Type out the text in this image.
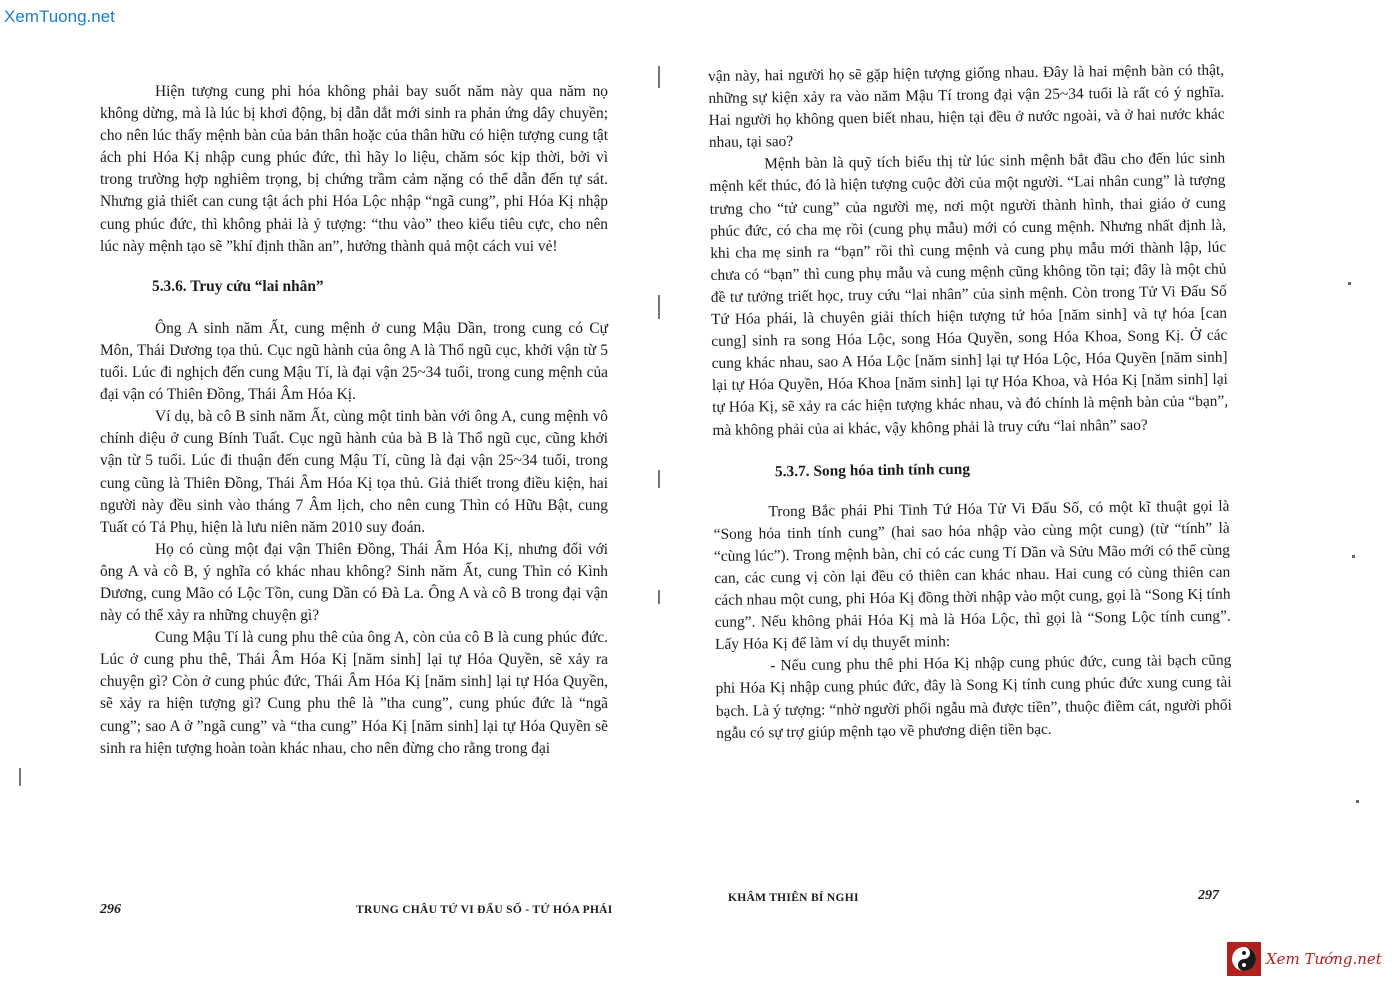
XemTuong.net

Hiện tượng cung phi hóa không phải bay suốt năm này qua năm nọ không dừng, mà là lúc bị khơi động, bị dẫn dắt mới sinh ra phản ứng dây chuyền; cho nên lúc thấy mệnh bàn của bản thân hoặc của thân hữu có hiện tượng cung tật ách phi Hóa Kị nhập cung phúc đức, thì hãy lo liệu, chăm sóc kịp thời, bởi vì trong trường hợp nghiêm trọng, bị chứng trầm cảm nặng có thể dẫn đến tự sát. Nhưng giả thiết can cung tật ách phi Hóa Lộc nhập “ngã cung”, phi Hóa Kị nhập cung phúc đức, thì không phải là ý tượng: “thu vào” theo kiểu tiêu cực, cho nên lúc này mệnh tạo sẽ ”khí định thần an”, hưởng thành quả một cách vui vẻ!

5.3.6. Truy cứu “lai nhân”

Ông A sinh năm Ất, cung mệnh ở cung Mậu Dần, trong cung có Cự Môn, Thái Dương tọa thủ. Cục ngũ hành của ông A là Thổ ngũ cục, khởi vận từ 5 tuổi. Lúc đi nghịch đến cung Mậu Tí, là đại vận 25~34 tuổi, trong cung mệnh của đại vận có Thiên Đồng, Thái Âm Hóa Kị.

Ví dụ, bà cô B sinh năm Ất, cùng một tinh bàn với ông A, cung mệnh vô chính diệu ở cung Bính Tuất. Cục ngũ hành của bà B là Thổ ngũ cục, cũng khởi vận từ 5 tuổi. Lúc đi thuận đến cung Mậu Tí, cũng là đại vận 25~34 tuổi, trong cung cũng là Thiên Đồng, Thái Âm Hóa Kị tọa thủ. Giả thiết trong điều kiện, hai người này đều sinh vào tháng 7 Âm lịch, cho nên cung Thìn có Hữu Bật, cung Tuất có Tả Phụ, hiện là lưu niên năm 2010 suy đoán.

Họ có cùng một đại vận Thiên Đồng, Thái Âm Hóa Kị, nhưng đối với ông A và cô B, ý nghĩa có khác nhau không? Sinh năm Ất, cung Thìn có Kình Dương, cung Mão có Lộc Tồn, cung Dần có Đà La. Ông A và cô B trong đại vận này có thể xảy ra những chuyện gì?

Cung Mậu Tí là cung phu thê của ông A, còn của cô B là cung phúc đức. Lúc ở cung phu thê, Thái Âm Hóa Kị [năm sinh] lại tự Hóa Quyền, sẽ xảy ra chuyện gì? Còn ở cung phúc đức, Thái Âm Hóa Kị [năm sinh] lại tự Hóa Quyền, sẽ xảy ra hiện tượng gì? Cung phu thê là ”tha cung”, cung phúc đức là “ngã cung”; sao A ở ”ngã cung” và “tha cung” Hóa Kị [năm sinh] lại tự Hóa Quyền sẽ sinh ra hiện tượng hoàn toàn khác nhau, cho nên đừng cho rằng trong đại

296	TRUNG CHÂU TỨ VI ĐẨU SỐ - TỨ HÓA PHÁI

vận này, hai người họ sẽ gặp hiện tượng giống nhau. Đây là hai mệnh bàn có thật, những sự kiện xảy ra vào năm Mậu Tí trong đại vận 25~34 tuổi là rất có ý nghĩa. Hai người họ không quen biết nhau, hiện tại đều ở nước ngoài, và ở hai nước khác nhau, tại sao?

Mệnh bàn là quỹ tích biểu thị từ lúc sinh mệnh bắt đầu cho đến lúc sinh mệnh kết thúc, đó là hiện tượng cuộc đời của một người. “Lai nhân cung” là tượng trưng cho “tử cung” của người mẹ, nơi một người thành hình, thai giáo ở cung phúc đức, có cha mẹ rồi (cung phụ mẫu) mới có cung mệnh. Nhưng nhất định là, khi cha mẹ sinh ra “bạn” rồi thì cung mệnh và cung phụ mẫu mới thành lập, lúc chưa có “bạn” thì cung phụ mẫu và cung mệnh cũng không tồn tại; đây là một chủ đề tư tưởng triết học, truy cứu “lai nhân” của sinh mệnh. Còn trong Tử Vi Đẩu Số Tứ Hóa phái, là chuyên giải thích hiện tượng tứ hóa [năm sinh] và tự hóa [can cung] sinh ra song Hóa Lộc, song Hóa Quyền, song Hóa Khoa, Song Kị. Ở các cung khác nhau, sao A Hóa Lộc [năm sinh] lại tự Hóa Lộc, Hóa Quyền [năm sinh] lại tự Hóa Quyền, Hóa Khoa [năm sinh] lại tự Hóa Khoa, và Hóa Kị [năm sinh] lại tự Hóa Kị, sẽ xảy ra các hiện tượng khác nhau, và đó chính là mệnh bàn của “bạn”, mà không phải của ai khác, vậy không phải là truy cứu “lai nhân” sao?

5.3.7. Song hóa tinh tính cung

Trong Bắc phái Phi Tinh Tứ Hóa Tử Vi Đẩu Số, có một kĩ thuật gọi là “Song hóa tinh tính cung” (hai sao hóa nhập vào cùng một cung) (từ “tính” là “cùng lúc”). Trong mệnh bàn, chỉ có các cung Tí Dần và Sửu Mão mới có thể cùng can, các cung vị còn lại đều có thiên can khác nhau. Hai cung có cùng thiên can cách nhau một cung, phi Hóa Kị đồng thời nhập vào một cung, gọi là “Song Kị tính cung”. Nếu không phải Hóa Kị mà là Hóa Lộc, thì gọi là “Song Lộc tính cung”. Lấy Hóa Kị để làm ví dụ thuyết minh:

- Nếu cung phu thê phi Hóa Kị nhập cung phúc đức, cung tài bạch cũng phi Hóa Kị nhập cung phúc đức, đây là Song Kị tính cung phúc đức xung cung tài bạch. Là ý tượng: “nhờ người phối ngẫu mà được tiền”, thuộc điềm cát, người phối ngẫu có sự trợ giúp mệnh tạo về phương diện tiền bạc.

KHÂM THIÊN BÍ NGHI	297
Xem Tướng.net
